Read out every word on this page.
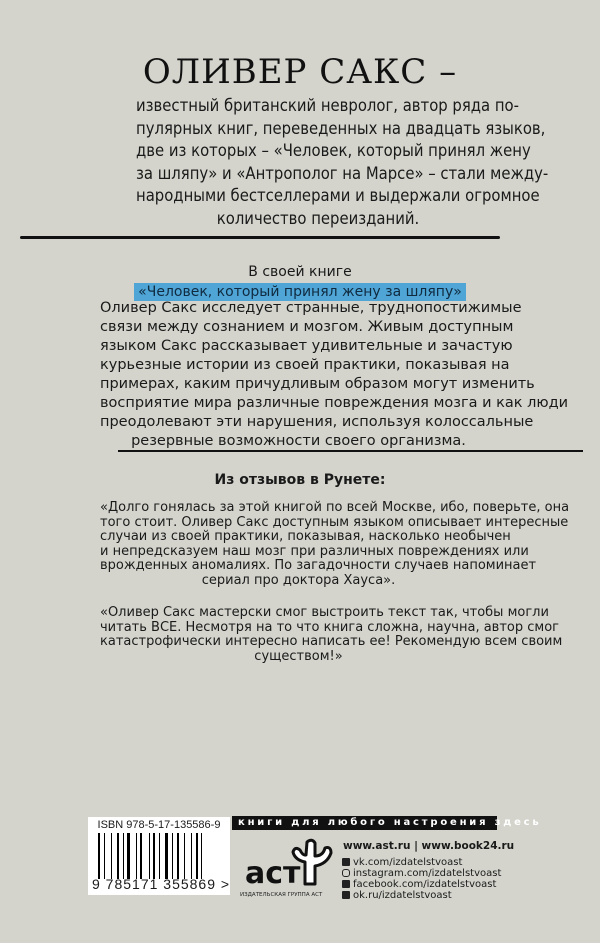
ОЛИВЕР САКС –
известный британский невролог, автор ряда по-
пулярных книг, переведенных на двадцать языков,
две из которых – «Человек, который принял жену
за шляпу» и «Антрополог на Марсе» – стали между-
народными бестселлерами и выдержали огромное
количество переизданий.
В своей книге
«Человек, который принял жену за шляпу»
Оливер Сакс исследует странные, труднопостижимые
связи между сознанием и мозгом. Живым доступным
языком Сакс рассказывает удивительные и зачастую
курьезные истории из своей практики, показывая на
примерах, каким причудливым образом могут изменить
восприятие мира различные повреждения мозга и как люди
преодолевают эти нарушения, используя колоссальные
резервные возможности своего организма.
Из отзывов в Рунете:
«Долго гонялась за этой книгой по всей Москве, ибо, поверьте, она
того стоит. Оливер Сакс доступным языком описывает интересные
случаи из своей практики, показывая, насколько необычен
и непредсказуем наш мозг при различных повреждениях или
врожденных аномалиях. По загадочности случаев напоминает
сериал про доктора Хауса».
«Оливер Сакс мастерски смог выстроить текст так, чтобы могли
читать ВСЕ. Несмотря на то что книга сложна, научна, автор смог
катастрофически интересно написать ее! Рекомендую всем своим
существом!»
ISBN 978-5-17-135586-9
9 785171 355869 >
книги для любого настроения здесь
аст
ИЗДАТЕЛЬСКАЯ ГРУППА АСТ
www.ast.ru | www.book24.ru
vk.com/izdatelstvoast
instagram.com/izdatelstvoast
facebook.com/izdatelstvoast
ok.ru/izdatelstvoast
